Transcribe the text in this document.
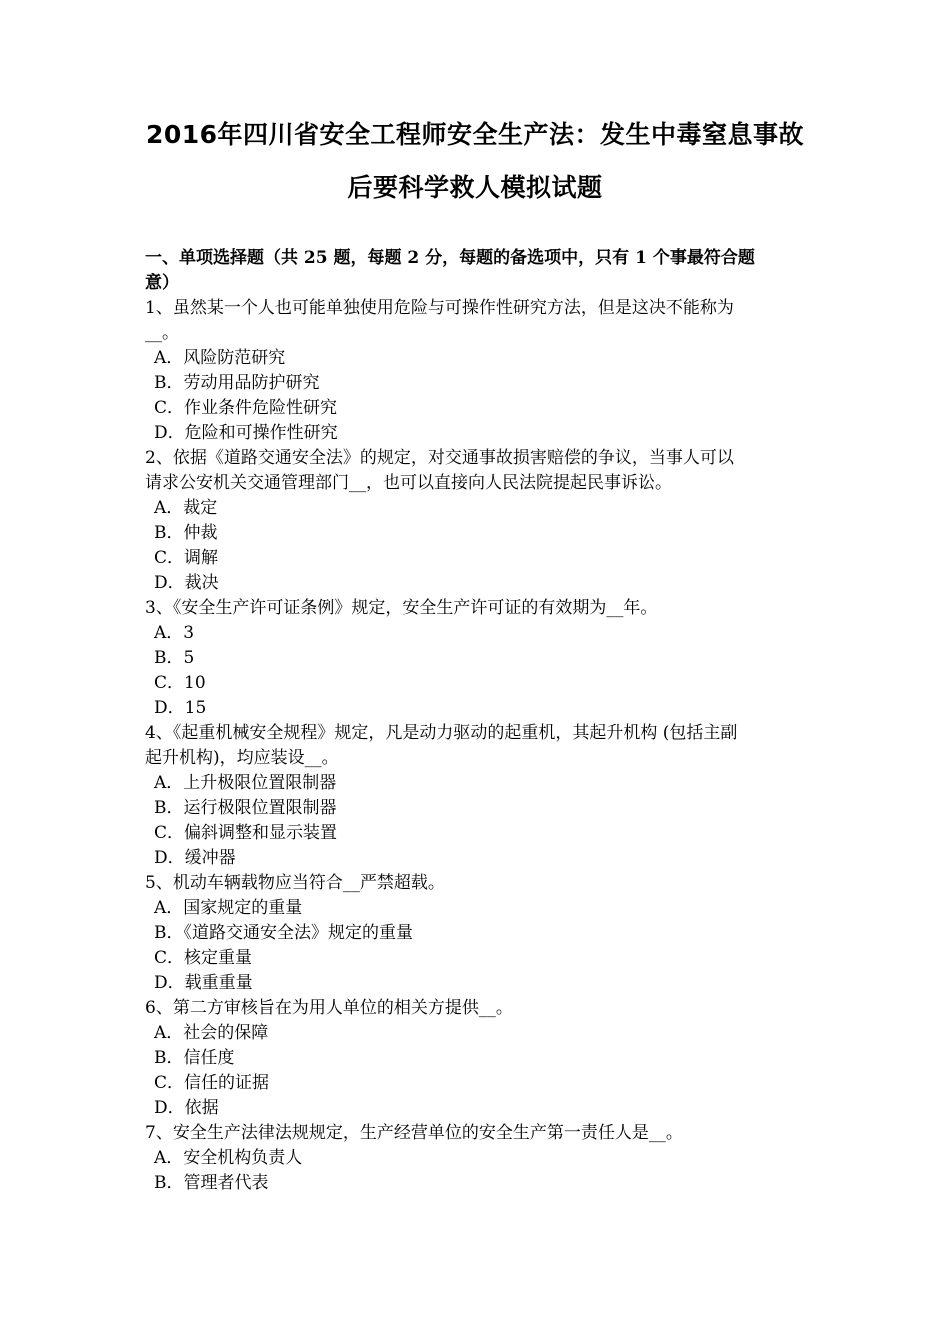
2016年四川省安全工程师安全生产法：发生中毒窒息事故
后要科学救人模拟试题
一、单项选择题（共 25 题，每题 2 分，每题的备选项中，只有 1 个事最符合题
意）
1、虽然某一个人也可能单独使用危险与可操作性研究方法，但是这决不能称为
__。
A．风险防范研究
B．劳动用品防护研究
C．作业条件危险性研究
D．危险和可操作性研究
2、依据《道路交通安全法》的规定，对交通事故损害赔偿的争议，当事人可以
请求公安机关交通管理部门__，也可以直接向人民法院提起民事诉讼。
A．裁定
B．仲裁
C．调解
D．裁决
3、《安全生产许可证条例》规定，安全生产许可证的有效期为__年。
A．3
B．5
C．10
D．15
4、《起重机械安全规程》规定，凡是动力驱动的起重机，其起升机构 (包括主副
起升机构)，均应装设__。
A．上升极限位置限制器
B．运行极限位置限制器
C．偏斜调整和显示装置
D．缓冲器
5、机动车辆载物应当符合__严禁超载。
A．国家规定的重量
B．《道路交通安全法》规定的重量
C．核定重量
D．载重重量
6、第二方审核旨在为用人单位的相关方提供__。
A．社会的保障
B．信任度
C．信任的证据
D．依据
7、安全生产法律法规规定，生产经营单位的安全生产第一责任人是__。
A．安全机构负责人
B．管理者代表
